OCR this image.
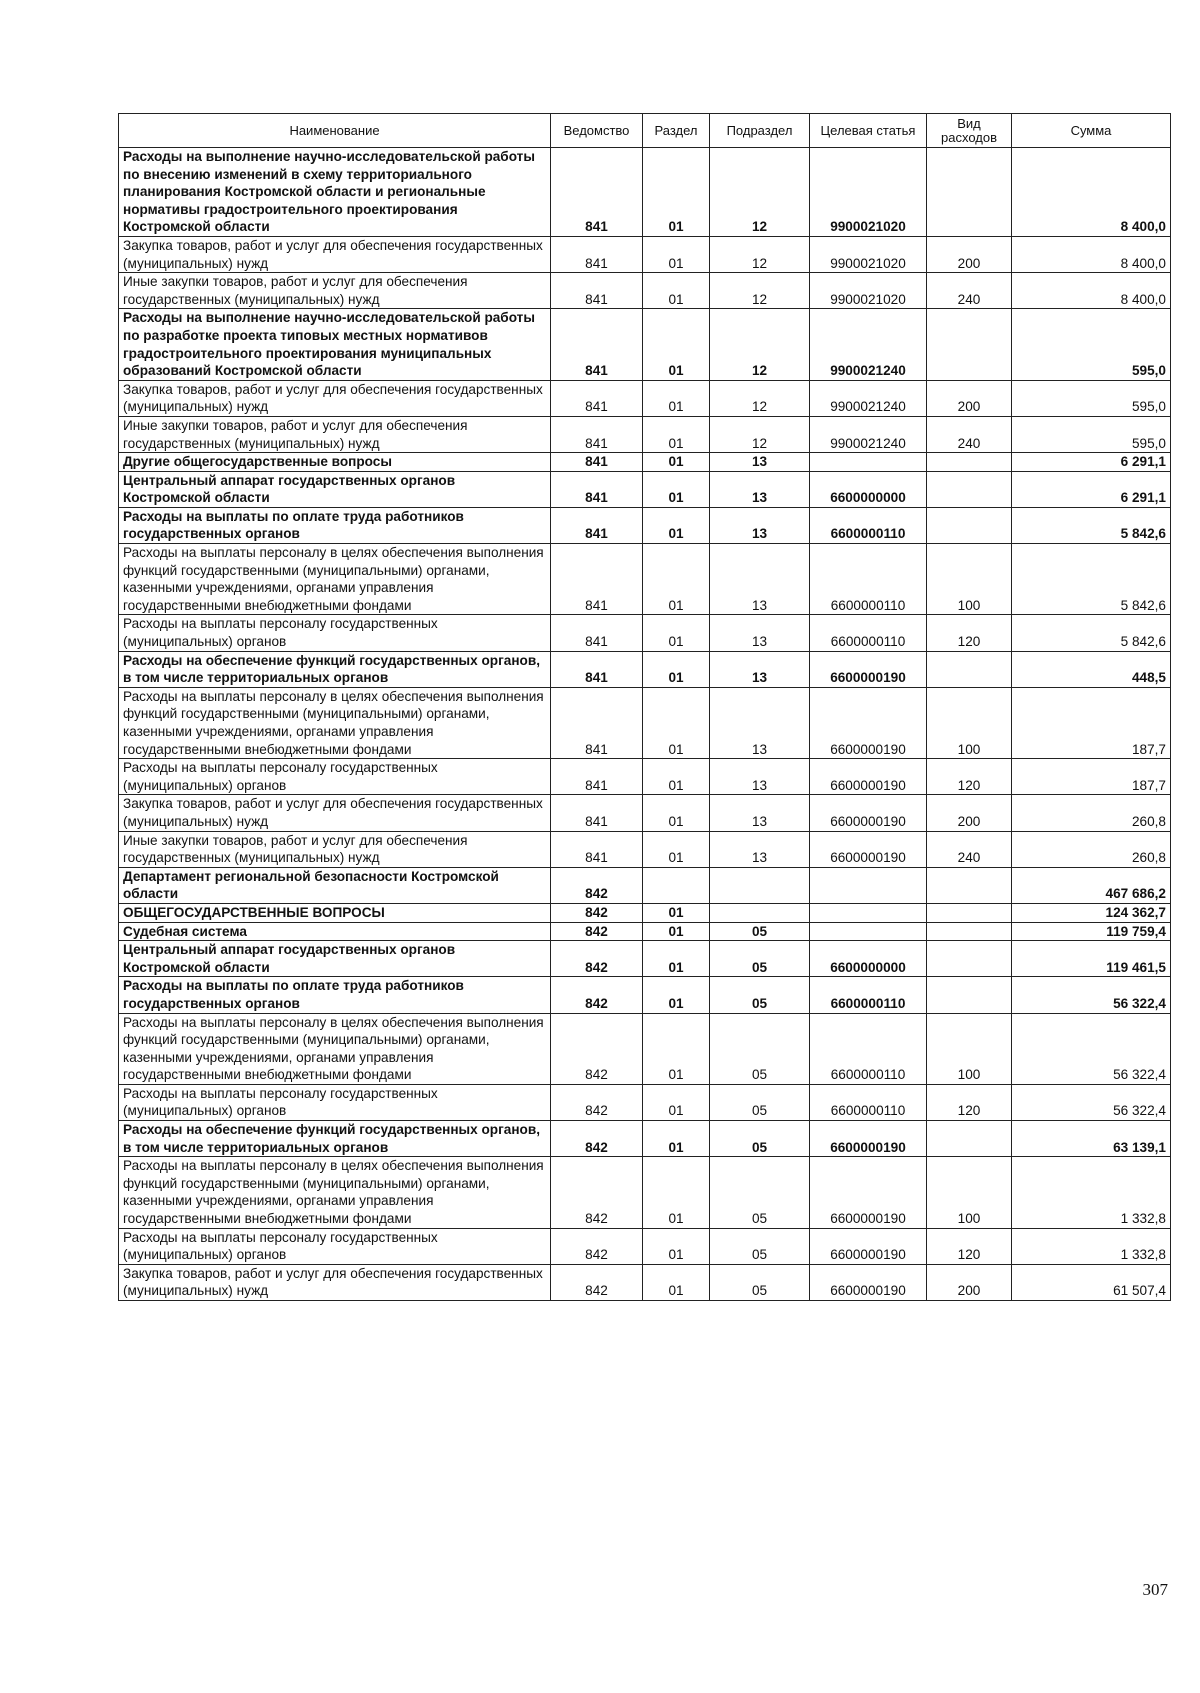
Наименование	Ведомство	Раздел	Подраздел	Целевая статья	Вид расходов	Сумма
Расходы на выполнение научно-исследовательской работы по внесению изменений в схему территориального планирования Костромской области и региональные нормативы градостроительного проектирования Костромской области	841	01	12	9900021020		8 400,0
Закупка товаров, работ и услуг для обеспечения государственных (муниципальных) нужд	841	01	12	9900021020	200	8 400,0
Иные закупки товаров, работ и услуг для обеспечения государственных (муниципальных) нужд	841	01	12	9900021020	240	8 400,0
Расходы на выполнение научно-исследовательской работы по разработке проекта типовых местных нормативов градостроительного проектирования муниципальных образований Костромской области	841	01	12	9900021240		595,0
Закупка товаров, работ и услуг для обеспечения государственных (муниципальных) нужд	841	01	12	9900021240	200	595,0
Иные закупки товаров, работ и услуг для обеспечения государственных (муниципальных) нужд	841	01	12	9900021240	240	595,0
Другие общегосударственные вопросы	841	01	13			6 291,1
Центральный аппарат государственных органов Костромской области	841	01	13	6600000000		6 291,1
Расходы на выплаты по оплате труда работников государственных органов	841	01	13	6600000110		5 842,6
Расходы на выплаты персоналу в целях обеспечения выполнения функций государственными (муниципальными) органами, казенными учреждениями, органами управления государственными внебюджетными фондами	841	01	13	6600000110	100	5 842,6
Расходы на выплаты персоналу государственных (муниципальных) органов	841	01	13	6600000110	120	5 842,6
Расходы на обеспечение функций государственных органов, в том числе территориальных органов	841	01	13	6600000190		448,5
Расходы на выплаты персоналу в целях обеспечения выполнения функций государственными (муниципальными) органами, казенными учреждениями, органами управления государственными внебюджетными фондами	841	01	13	6600000190	100	187,7
Расходы на выплаты персоналу государственных (муниципальных) органов	841	01	13	6600000190	120	187,7
Закупка товаров, работ и услуг для обеспечения государственных (муниципальных) нужд	841	01	13	6600000190	200	260,8
Иные закупки товаров, работ и услуг для обеспечения государственных (муниципальных) нужд	841	01	13	6600000190	240	260,8
Департамент региональной безопасности Костромской области	842					467 686,2
ОБЩЕГОСУДАРСТВЕННЫЕ ВОПРОСЫ	842	01				124 362,7
Судебная система	842	01	05			119 759,4
Центральный аппарат государственных органов Костромской области	842	01	05	6600000000		119 461,5
Расходы на выплаты по оплате труда работников государственных органов	842	01	05	6600000110		56 322,4
Расходы на выплаты персоналу в целях обеспечения выполнения функций государственными (муниципальными) органами, казенными учреждениями, органами управления государственными внебюджетными фондами	842	01	05	6600000110	100	56 322,4
Расходы на выплаты персоналу государственных (муниципальных) органов	842	01	05	6600000110	120	56 322,4
Расходы на обеспечение функций государственных органов, в том числе территориальных органов	842	01	05	6600000190		63 139,1
Расходы на выплаты персоналу в целях обеспечения выполнения функций государственными (муниципальными) органами, казенными учреждениями, органами управления государственными внебюджетными фондами	842	01	05	6600000190	100	1 332,8
Расходы на выплаты персоналу государственных (муниципальных) органов	842	01	05	6600000190	120	1 332,8
Закупка товаров, работ и услуг для обеспечения государственных (муниципальных) нужд	842	01	05	6600000190	200	61 507,4
307
